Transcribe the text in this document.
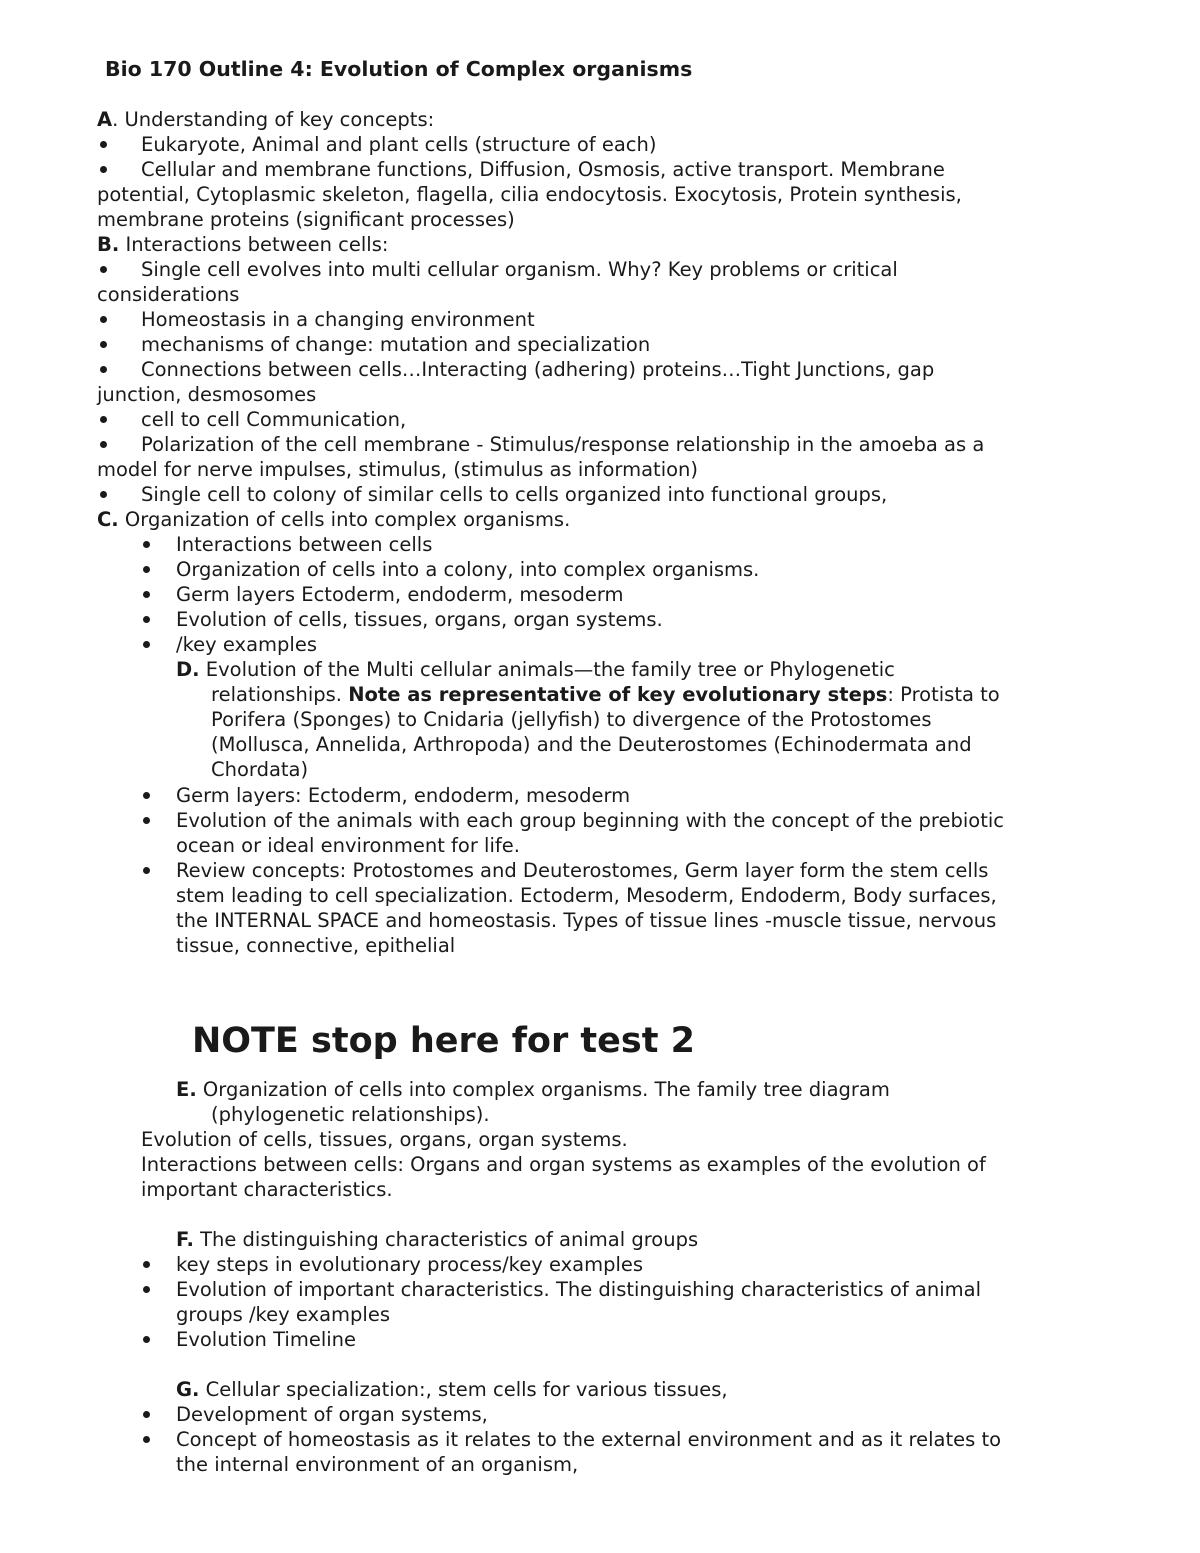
Bio 170 Outline 4: Evolution of Complex organisms

A. Understanding of key concepts:

Eukaryote, Animal and plant cells (structure of each)

Cellular and membrane functions, Diffusion, Osmosis, active transport. Membrane

potential, Cytoplasmic skeleton, flagella, cilia endocytosis. Exocytosis, Protein synthesis,

membrane proteins (significant processes)

B. Interactions between cells:

Single cell evolves into multi cellular organism. Why? Key problems or critical

considerations

Homeostasis in a changing environment

mechanisms of change: mutation and specialization

Connections between cells…Interacting (adhering) proteins…Tight Junctions, gap

junction, desmosomes

cell to cell Communication,

Polarization of the cell membrane - Stimulus/response relationship in the amoeba as a

model for nerve impulses, stimulus, (stimulus as information)

Single cell to colony of similar cells to cells organized into functional groups,

C. Organization of cells into complex organisms.

Interactions between cells

Organization of cells into a colony, into complex organisms.

Germ layers Ectoderm, endoderm, mesoderm

Evolution of cells, tissues, organs, organ systems.

/key examples

D. Evolution of the Multi cellular animals—the family tree or Phylogenetic

relationships. Note as representative of key evolutionary steps: Protista to

Porifera (Sponges) to Cnidaria (jellyfish) to divergence of the Protostomes

(Mollusca, Annelida, Arthropoda) and the Deuterostomes (Echinodermata and

Chordata)

Germ layers: Ectoderm, endoderm, mesoderm

Evolution of the animals with each group beginning with the concept of the prebiotic

ocean or ideal environment for life.

Review concepts: Protostomes and Deuterostomes, Germ layer form the stem cells

stem leading to cell specialization. Ectoderm, Mesoderm, Endoderm, Body surfaces,

the INTERNAL SPACE and homeostasis. Types of tissue lines -muscle tissue, nervous

tissue, connective, epithelial

NOTE stop here for test 2

E. Organization of cells into complex organisms. The family tree diagram

(phylogenetic relationships).

Evolution of cells, tissues, organs, organ systems.

Interactions between cells: Organs and organ systems as examples of the evolution of

important characteristics.

F. The distinguishing characteristics of animal groups

key steps in evolutionary process/key examples

Evolution of important characteristics. The distinguishing characteristics of animal

groups /key examples

Evolution Timeline

G. Cellular specialization:, stem cells for various tissues,

Development of organ systems,

Concept of homeostasis as it relates to the external environment and as it relates to

the internal environment of an organism,
